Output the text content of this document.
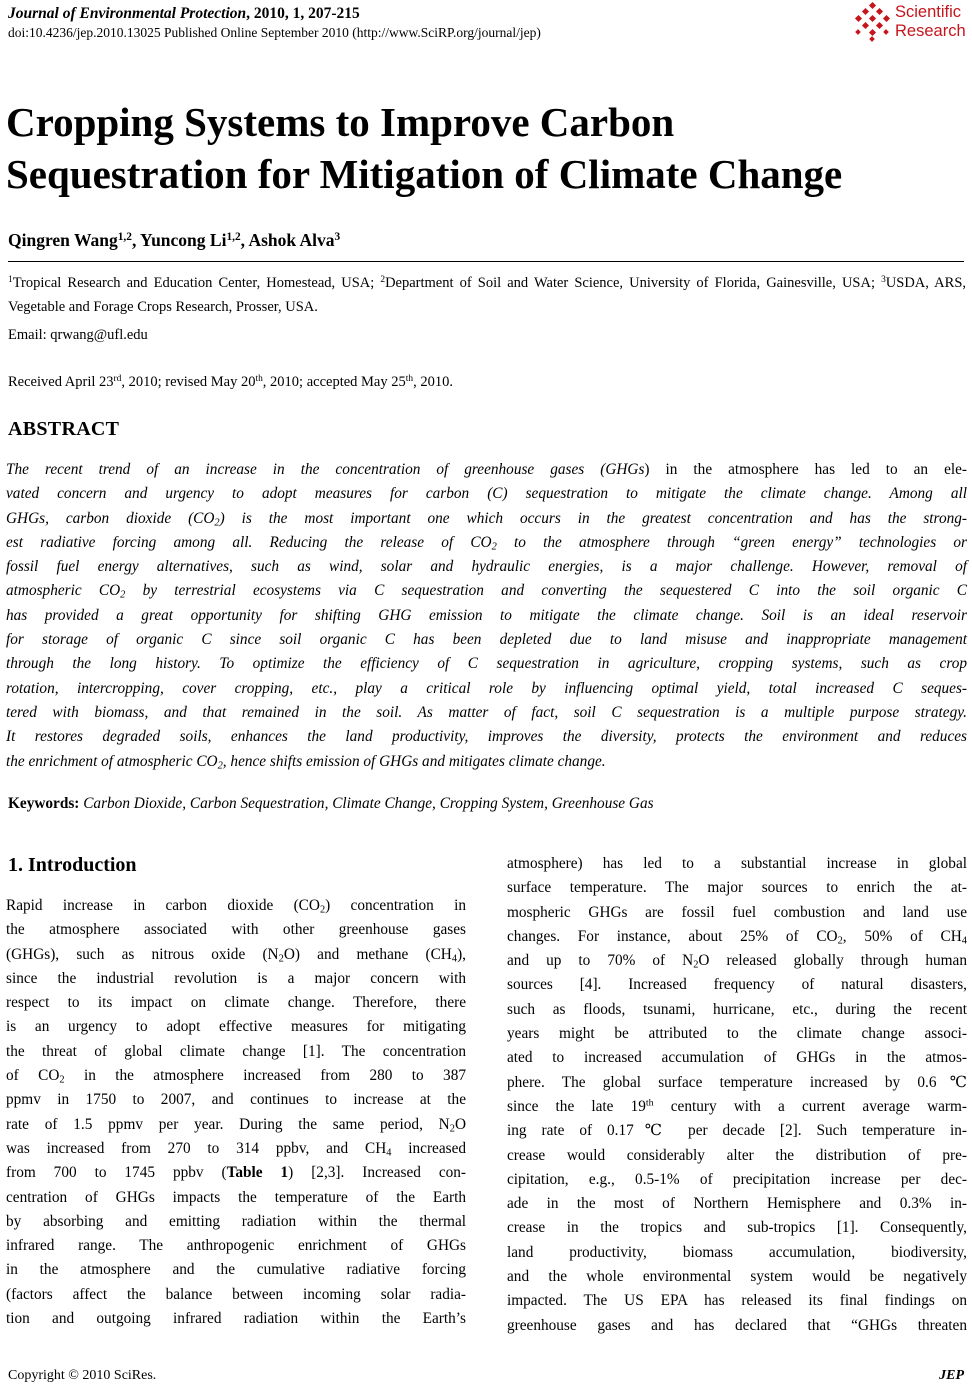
Journal of Environmental Protection, 2010, 1, 207-215
doi:10.4236/jep.2010.13025 Published Online September 2010 (http://www.SciRP.org/journal/jep)
Scientific
Research
Cropping Systems to Improve Carbon
Sequestration for Mitigation of Climate Change
Qingren Wang$^{1,2}$, Yuncong Li$^{1,2}$, Ashok Alva$^3$
$^1$Tropical Research and Education Center, Homestead, USA; $^2$Department of Soil and Water Science, University of Florida, Gainesville, USA; $^3$USDA, ARS, Vegetable and Forage Crops Research, Prosser, USA.
Email: qrwang@ufl.edu
Received April 23rd, 2010; revised May 20th, 2010; accepted May 25th, 2010.
ABSTRACT
The recent trend of an increase in the concentration of greenhouse gases (GHGs) in the atmosphere has led to an ele-
vated concern and urgency to adopt measures for carbon (C) sequestration to mitigate the climate change. Among all
GHGs, carbon dioxide $(CO_2)$ is the most important one which occurs in the greatest concentration and has the strong-
est radiative forcing among all. Reducing the release of $CO_2$ to the atmosphere through “green energy” technologies or
fossil fuel energy alternatives, such as wind, solar and hydraulic energies, is a major challenge. However, removal of
atmospheric $CO_2$ by terrestrial ecosystems via C sequestration and converting the sequestered C into the soil organic C
has provided a great opportunity for shifting GHG emission to mitigate the climate change. Soil is an ideal reservoir
for storage of organic C since soil organic C has been depleted due to land misuse and inappropriate management
through the long history. To optimize the efficiency of C sequestration in agriculture, cropping systems, such as crop
rotation, intercropping, cover cropping, etc., play a critical role by influencing optimal yield, total increased C seques-
tered with biomass, and that remained in the soil. As matter of fact, soil C sequestration is a multiple purpose strategy.
It restores degraded soils, enhances the land productivity, improves the diversity, protects the environment and reduces
the enrichment of atmospheric $CO_2$, hence shifts emission of GHGs and mitigates climate change.
Keywords: Carbon Dioxide, Carbon Sequestration, Climate Change, Cropping System, Greenhouse Gas
1. Introduction
Rapid increase in carbon dioxide $(CO_2)$ concentration in
the atmosphere associated with other greenhouse gases
(GHGs), such as nitrous oxide $(N_2O)$ and methane $(CH_4)$,
since the industrial revolution is a major concern with
respect to its impact on climate change. Therefore, there
is an urgency to adopt effective measures for mitigating
the threat of global climate change [1]. The concentration
of $CO_2$ in the atmosphere increased from 280 to 387
ppmv in 1750 to 2007, and continues to increase at the
rate of 1.5 ppmv per year. During the same period, $N_2O$
was increased from 270 to 314 ppbv, and $CH_4$ increased
from 700 to 1745 ppbv (Table 1) [2,3]. Increased con-
centration of GHGs impacts the temperature of the Earth
by absorbing and emitting radiation within the thermal
infrared range. The anthropogenic enrichment of GHGs
in the atmosphere and the cumulative radiative forcing
(factors affect the balance between incoming solar radia-
tion and outgoing infrared radiation within the Earth’s
atmosphere) has led to a substantial increase in global
surface temperature. The major sources to enrich the at-
mospheric GHGs are fossil fuel combustion and land use
changes. For instance, about 25% of $CO_2$, 50% of $CH_4$
and up to 70% of $N_2O$ released globally through human
sources [4]. Increased frequency of natural disasters,
such as floods, tsunami, hurricane, etc., during the recent
years might be attributed to the climate change associ-
ated to increased accumulation of GHGs in the atmos-
phere. The global surface temperature increased by 0.6℃
since the late 19th century with a current average warm-
ing rate of 0.17℃ per decade [2]. Such temperature in-
crease would considerably alter the distribution of pre-
cipitation, e.g., 0.5-1% of precipitation increase per dec-
ade in the most of Northern Hemisphere and 0.3% in-
crease in the tropics and sub-tropics [1]. Consequently,
land productivity, biomass accumulation, biodiversity,
and the whole environmental system would be negatively
impacted. The US EPA has released its final findings on
greenhouse gases and has declared that “GHGs threaten
Copyright © 2010 SciRes.	JEP
